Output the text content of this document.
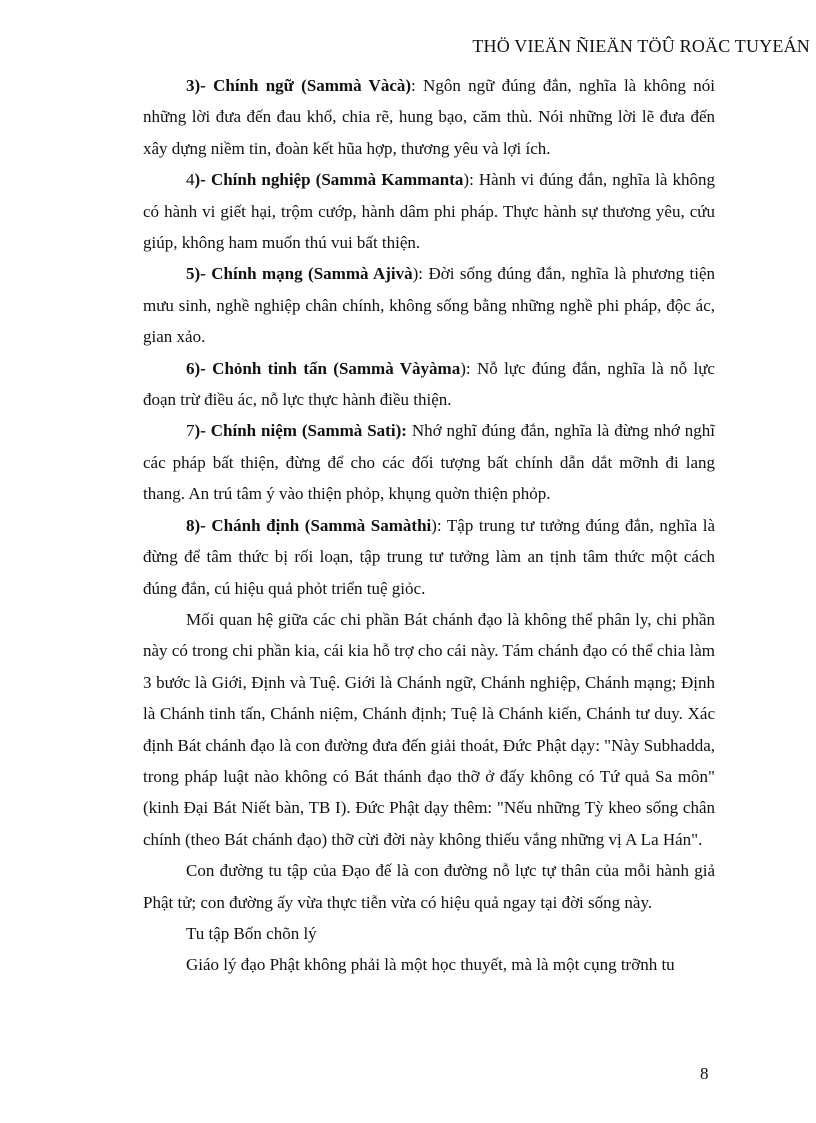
THÖ VIEÄN ÑIEÄN TÖÛ ROÄC TUYEÁN

3)- Chính ngữ (Sammà Vàcà): Ngôn ngữ đúng đắn, nghĩa là không nói những lời đưa đến đau khổ, chia rẽ, hung bạo, căm thù. Nói những lời lẽ đưa đến xây dựng niềm tin, đoàn kết hũa hợp, thương yêu và lợi ích.

4)- Chính nghiệp (Sammà Kammanta): Hành vi đúng đắn, nghĩa là không có hành vi giết hại, trộm cướp, hành dâm phi pháp. Thực hành sự thương yêu, cứu giúp, không ham muốn thú vui bất thiện.

5)- Chính mạng (Sammà Ajivà): Đời sống đúng đắn, nghĩa là phương tiện mưu sinh, nghề nghiệp chân chính, không sống bằng những nghề phi pháp, độc ác, gian xảo.

6)- Chỏnh tinh tấn (Sammà Vàyàma): Nỗ lực đúng đắn, nghĩa là nỗ lực đoạn trừ điều ác, nỗ lực thực hành điều thiện.

7)- Chính niệm (Sammà Sati): Nhớ nghĩ đúng đắn, nghĩa là đừng nhớ nghĩ các pháp bất thiện, đừng để cho các đối tượng bất chính dẫn dắt mỡnh đi lang thang. An trú tâm ý vào thiện phỏp, khụng quờn thiện phỏp.

8)- Chánh định (Sammà Samàthi): Tập trung tư tưởng đúng đắn, nghĩa là đừng để tâm thức bị rối loạn, tập trung tư tưởng làm an tịnh tâm thức một cách đúng đắn, cú hiệu quả phỏt triển tuệ giỏc.

Mối quan hệ giữa các chi phần Bát chánh đạo là không thể phân ly, chi phần này có trong chi phần kia, cái kia hỗ trợ cho cái này. Tám chánh đạo có thể chia làm 3 bước là Giới, Định và Tuệ. Giới là Chánh ngữ, Chánh nghiệp, Chánh mạng; Định là Chánh tinh tấn, Chánh niệm, Chánh định; Tuệ là Chánh kiến, Chánh tư duy. Xác định Bát chánh đạo là con đường đưa đến giải thoát, Đức Phật dạy: "Này Subhadda, trong pháp luật nào không có Bát thánh đạo thỡ ở đấy không có Tứ quả Sa môn" (kinh Đại Bát Niết bàn, TB I). Đức Phật dạy thêm: "Nếu những Tỳ kheo sống chân chính (theo Bát chánh đạo) thỡ cừi đời này không thiếu vắng những vị A La Hán".

Con đường tu tập của Đạo đế là con đường nỗ lực tự thân của mỗi hành giả Phật tử; con đường ấy vừa thực tiễn vừa có hiệu quả ngay tại đời sống này.

Tu tập Bốn chõn lý

Giáo lý đạo Phật không phải là một học thuyết, mà là một cụng trỡnh tu

8
